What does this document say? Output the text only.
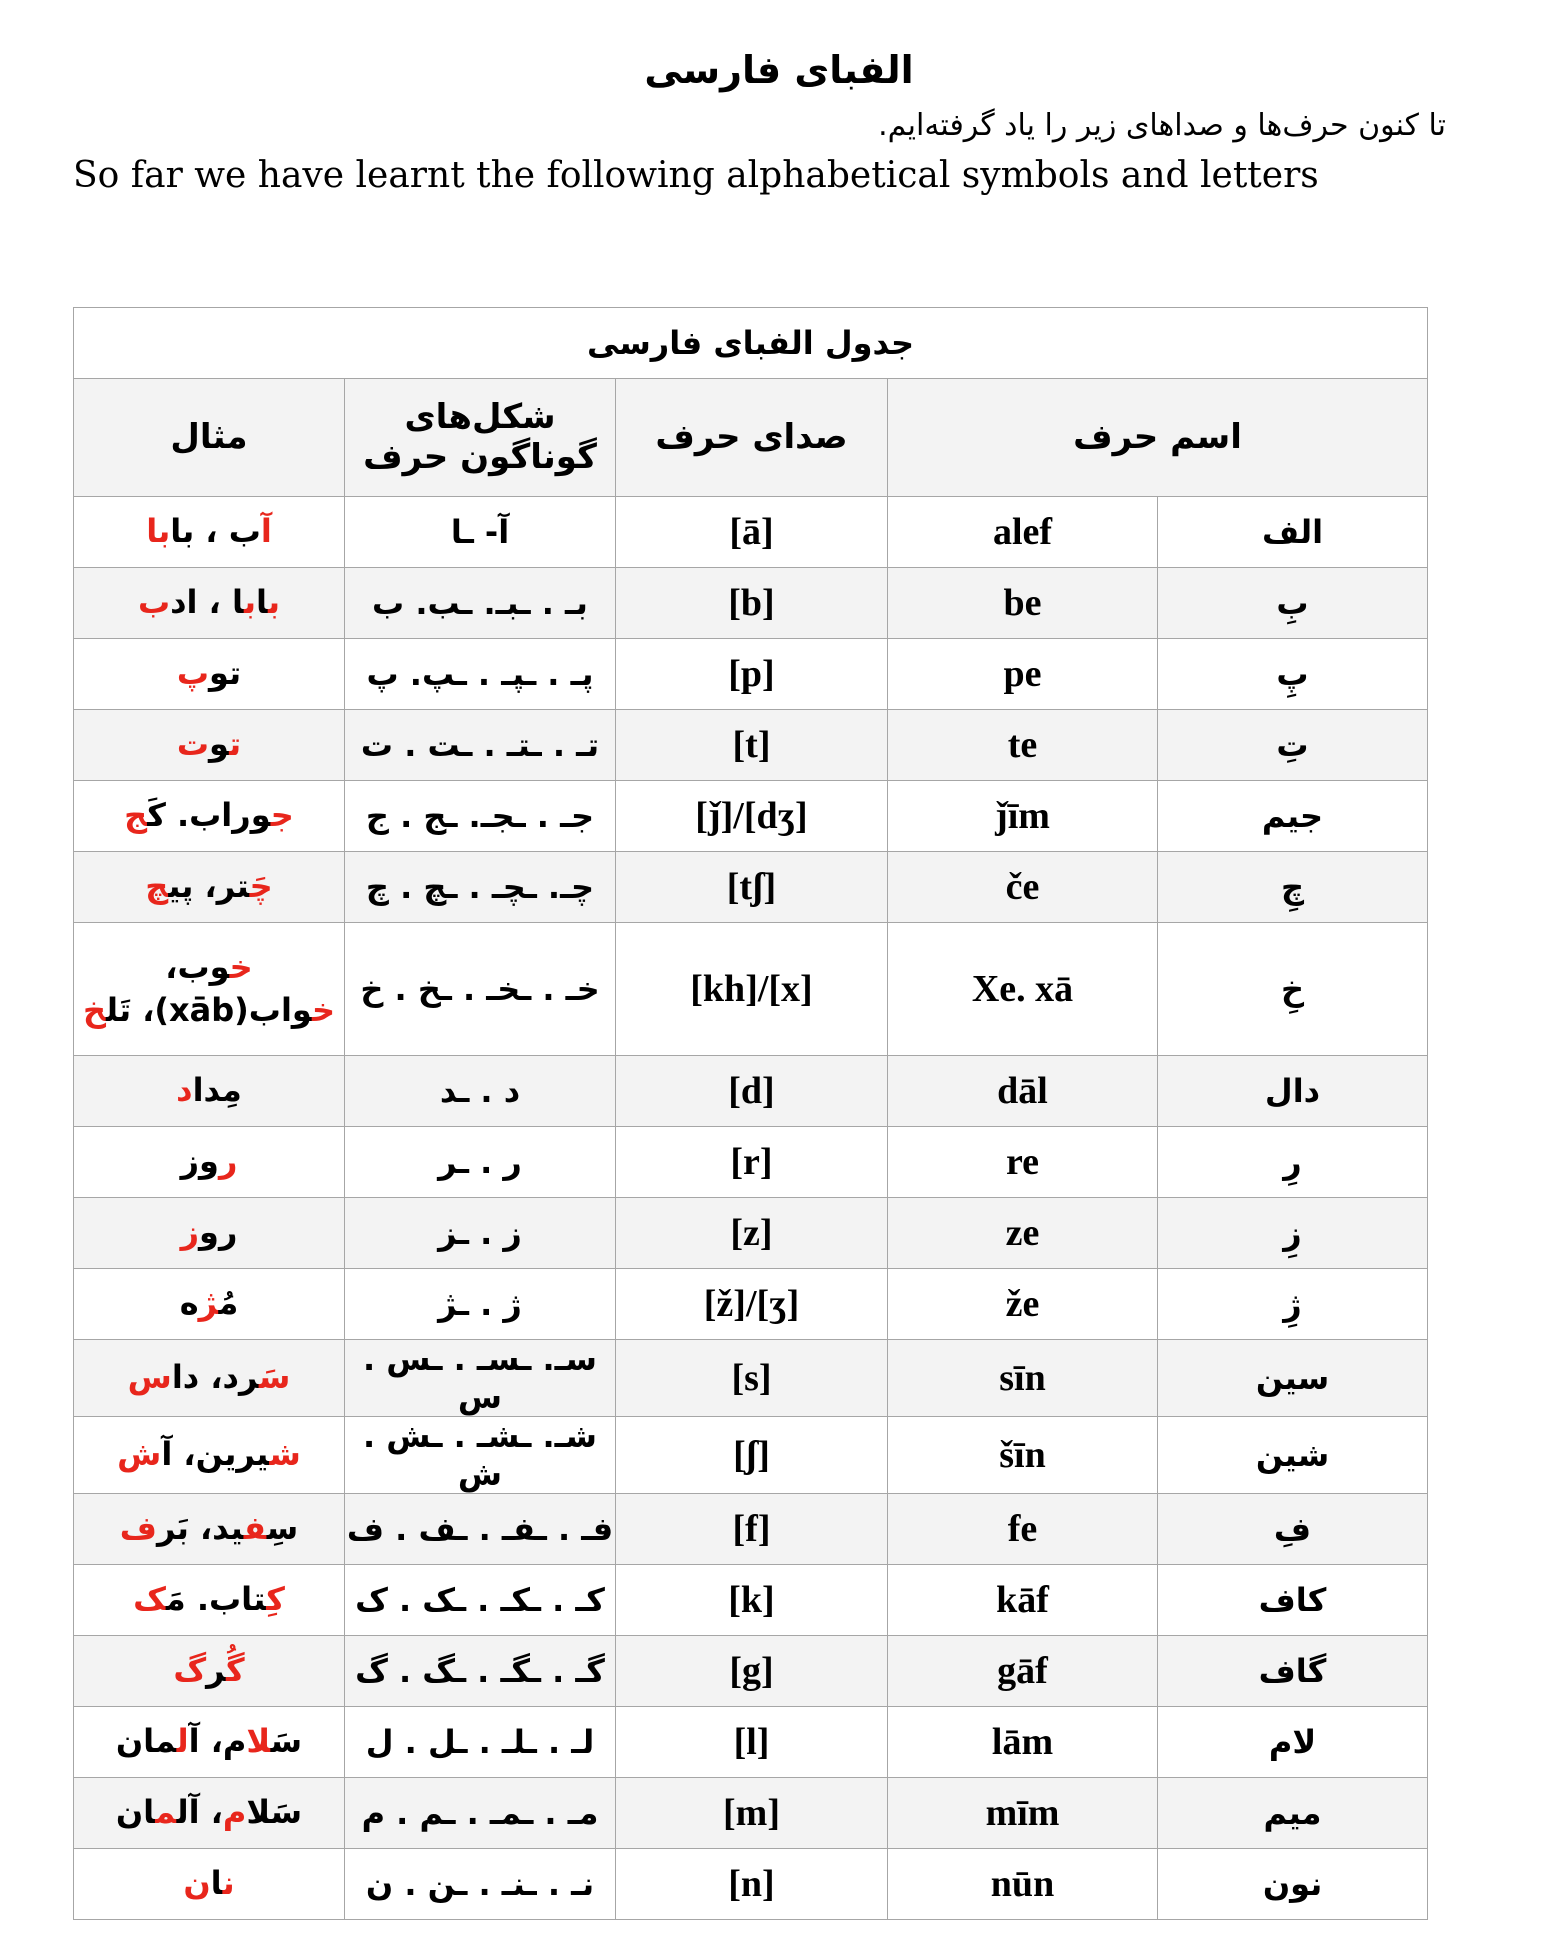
الفبای فارسی
تا کنون حرف‌ها و صداهای زیر را یاد گرفته‌ایم.
So far we have learnt the following alphabetical symbols and letters
جدول الفبای فارسی				
مثال	شکل‌های گوناگون حرف	صدای حرف	اسم حرف	
آب ، بابا	آ- ـا	[ā]	alef	الف
بابا ، ادب	بـ . ـبـ. ـب. ب	[b]	be	بِ
توپ	پـ . ـپـ . ـپ. پ	[p]	pe	پِ
توت	تـ . ـتـ . ـت . ت	[t]	te	تِ
جوراب. کَج	جـ . ـجـ. ـج . ج	[ǰ]/[dʒ]	ǰīm	جیم
چَتر، پیچ	چـ. ـچـ . ـچ . چ	[tʃ]	če	چِ
خوب،
خواب(xāb)، تَلخ	خـ . ـخـ . ـخ . خ	[kh]/[x]	Xe. xā	خِ
مِداد	د . ـد	[d]	dāl	دال
روز	ر . ـر	[r]	re	رِ
روز	ز . ـز	[z]	ze	زِ
مُژه	ژ . ـژ	[ž]/[ʒ]	že	ژِ
سَرد، داس	سـ. ـسـ . ـس . س	[s]	sīn	سین
شیرین، آش	شـ. ـشـ . ـش . ش	[ʃ]	šīn	شین
سِفید، بَرف	فـ . ـفـ . ـف . ف	[f]	fe	فِ
کِتاب. مَک	کـ . ـکـ . ـک . ک	[k]	kāf	کاف
گُرگ	گـ . ـگـ . ـگ . گ	[g]	gāf	گاف
سَلام، آلمان	لـ . ـلـ . ـل . ل	[l]	lām	لام
سَلام، آلمان	مـ . ـمـ . ـم . م	[m]	mīm	میم
نان	نـ . ـنـ . ـن . ن	[n]	nūn	نون
